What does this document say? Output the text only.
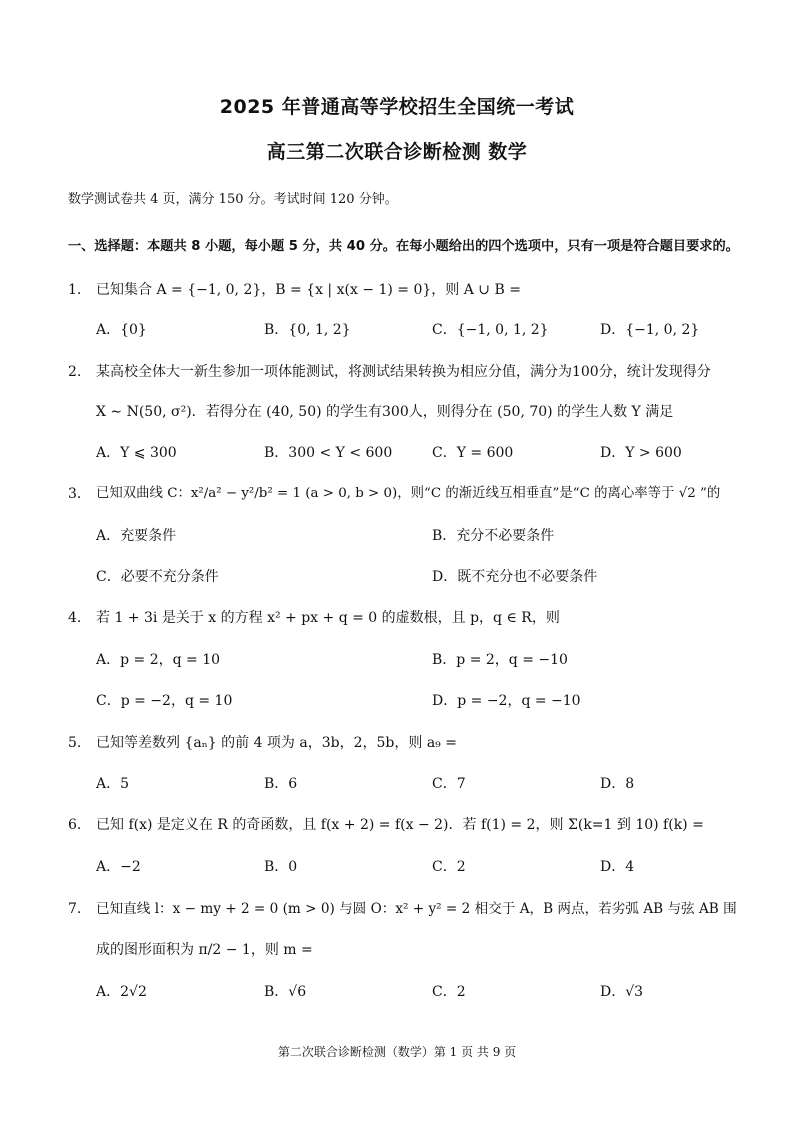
2025 年普通高等学校招生全国统一考试
高三第二次联合诊断检测 数学
数学测试卷共 4 页，满分 150 分。考试时间 120 分钟。
一、选择题：本题共 8 小题，每小题 5 分，共 40 分。在每小题给出的四个选项中，只有一项是符合题目要求的。
1. 已知集合 A = {−1, 0, 2}，B = {x | x(x − 1) = 0}，则 A ∪ B =
A．{0}	B．{0, 1, 2}	C．{−1, 0, 1, 2}	D．{−1, 0, 2}
2. 某高校全体大一新生参加一项体能测试，将测试结果转换为相应分值，满分为100分，统计发现得分
X ∼ N(50, σ²)．若得分在 (40, 50) 的学生有300人，则得分在 (50, 70) 的学生人数 Y 满足
A．Y ⩽ 300	B．300 < Y < 600	C．Y = 600	D．Y > 600
3. 已知双曲线 C：x²/a² − y²/b² = 1 (a > 0, b > 0)，则“C 的渐近线互相垂直”是“C 的离心率等于 √2 ”的
A．充要条件	B．充分不必要条件
C．必要不充分条件	D．既不充分也不必要条件
4. 若 1 + 3i 是关于 x 的方程 x² + px + q = 0 的虚数根，且 p，q ∈ R，则
A．p = 2，q = 10	B．p = 2，q = −10
C．p = −2，q = 10	D．p = −2，q = −10
5. 已知等差数列 {aₙ} 的前 4 项为 a，3b，2，5b，则 a₉ =
A．5	B．6	C．7	D．8
6. 已知 f(x) 是定义在 R 的奇函数，且 f(x + 2) = f(x − 2)．若 f(1) = 2，则 Σ(k=1 到 10) f(k) =
A．−2	B．0	C．2	D．4
7. 已知直线 l：x − my + 2 = 0 (m > 0) 与圆 O：x² + y² = 2 相交于 A，B 两点，若劣弧 AB 与弦 AB 围
成的图形面积为 π/2 − 1，则 m =
A．2√2	B．√6	C．2	D．√3
第二次联合诊断检测（数学）第 1 页 共 9 页
